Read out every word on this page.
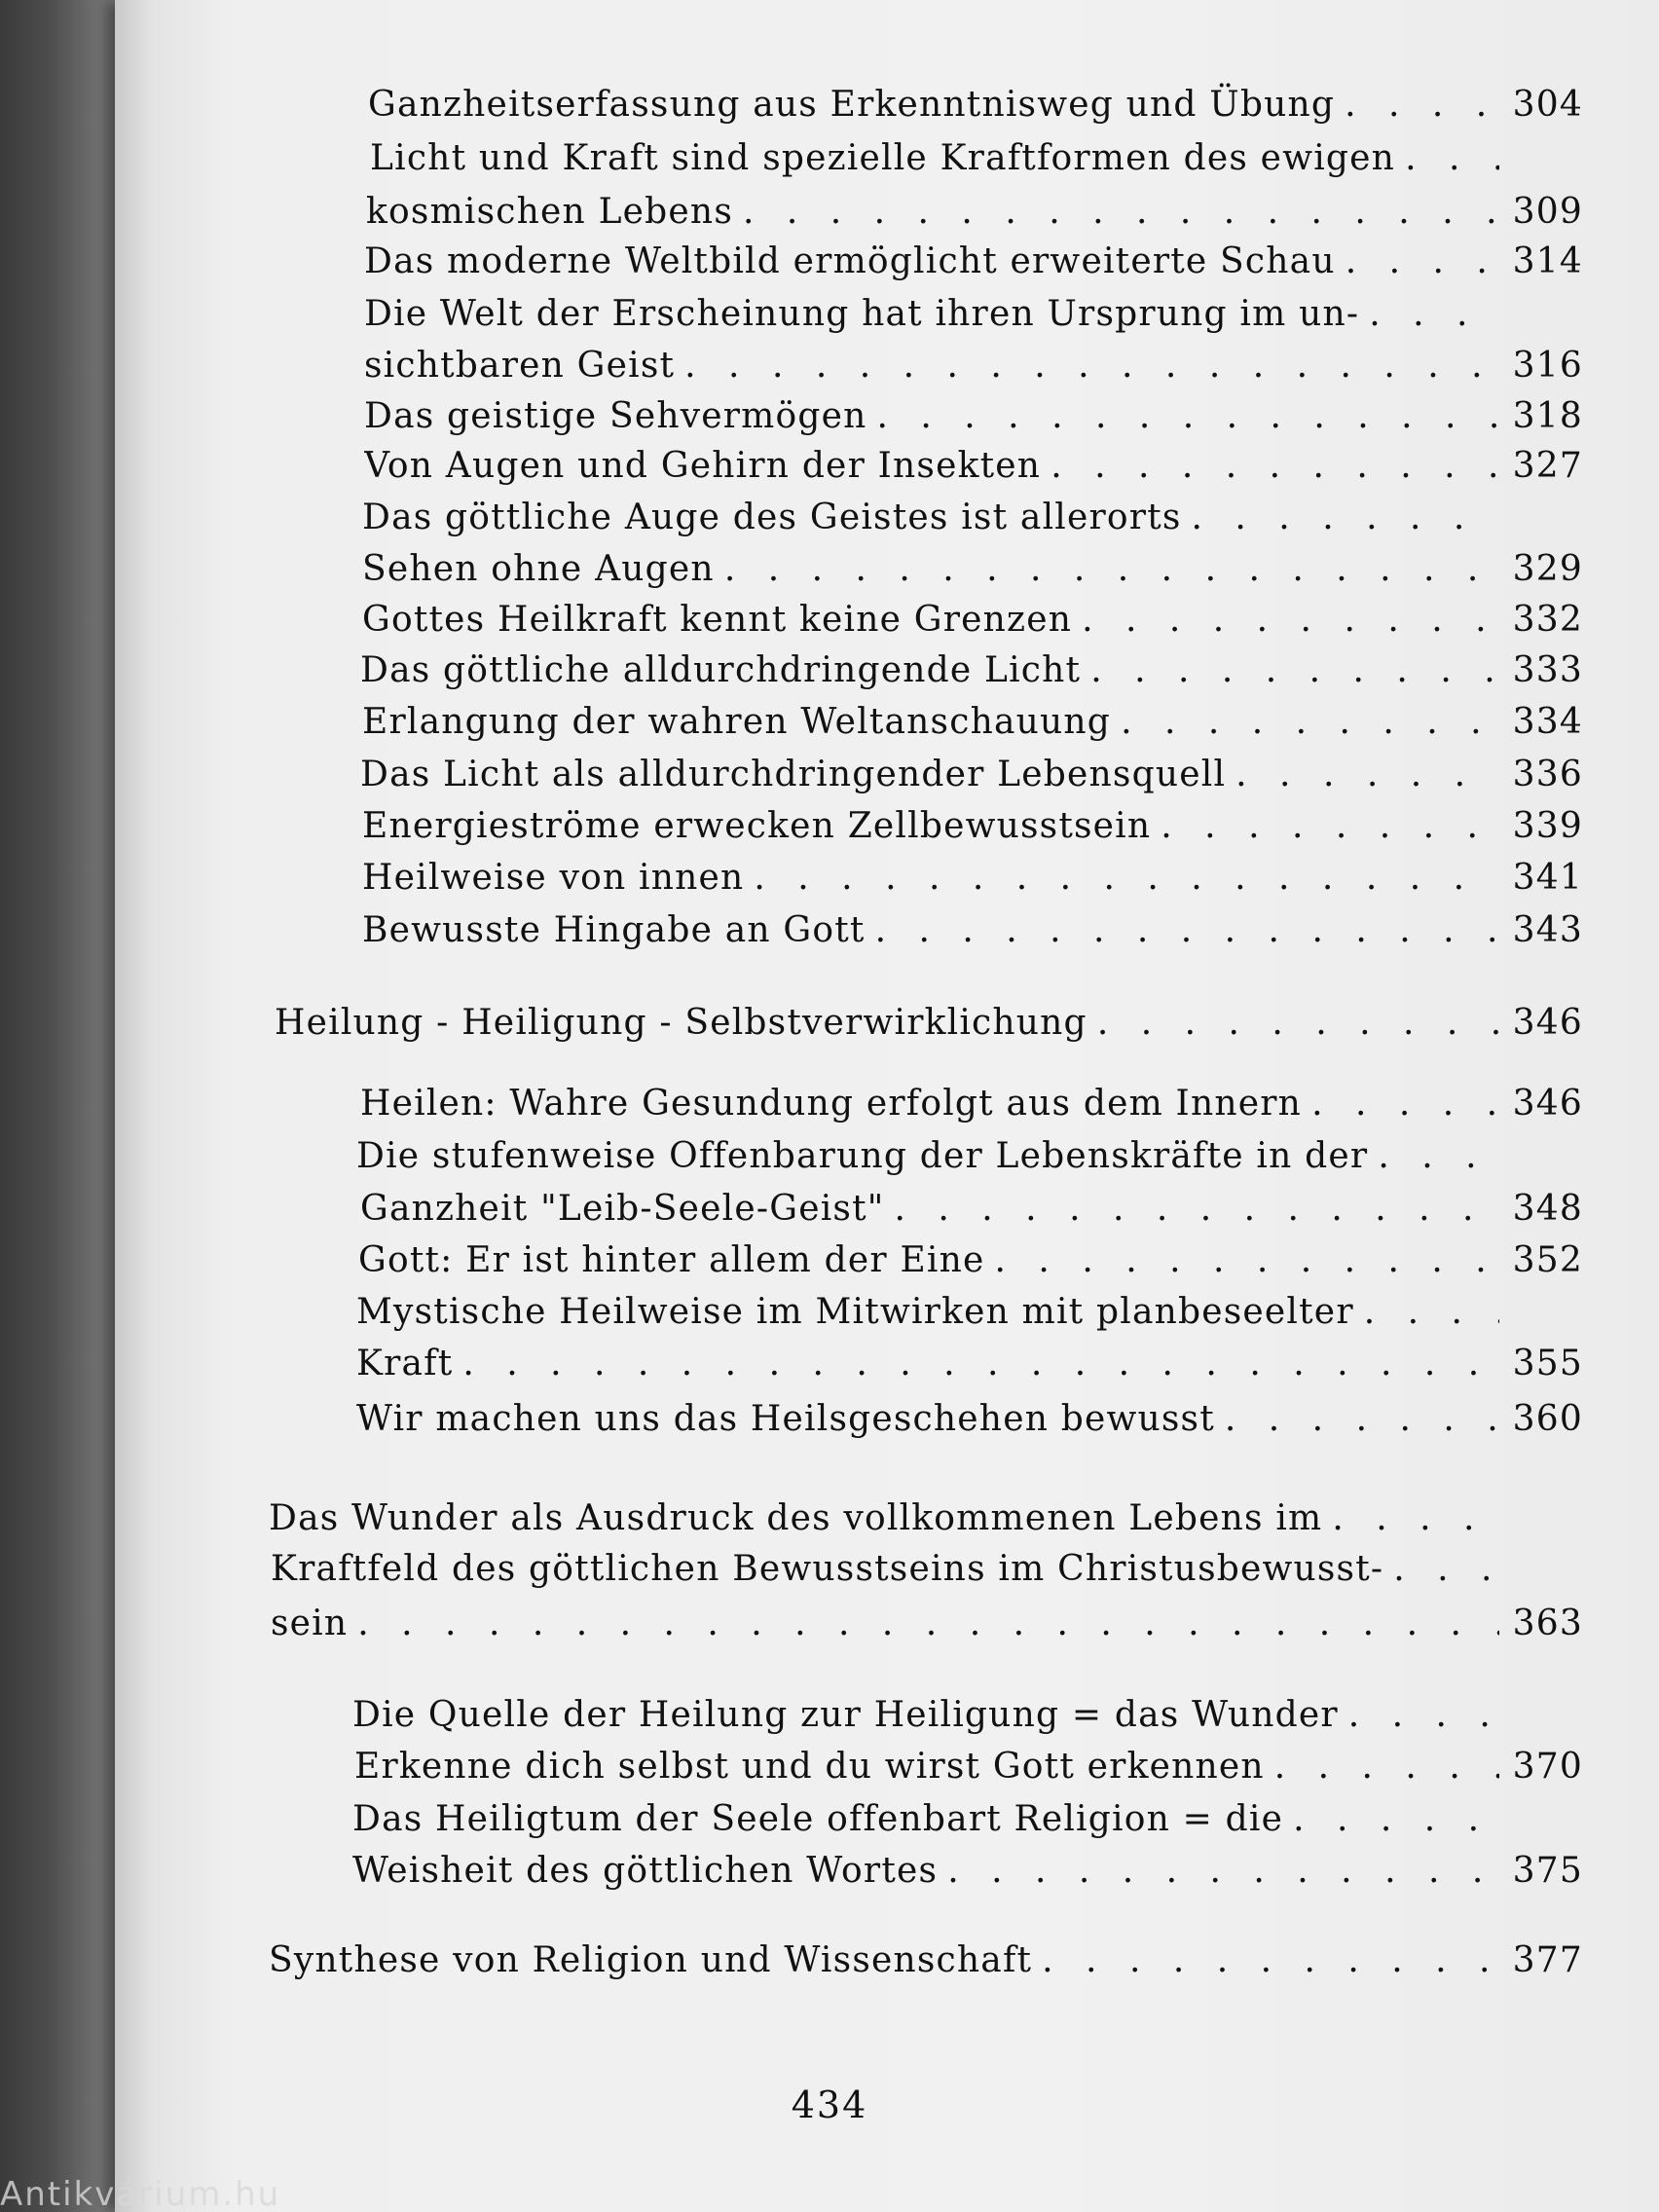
Ganzheitserfassung aus Erkenntnisweg und Übung . . .	304
Licht und Kraft sind spezielle Kraftformen des ewigen
. . .
kosmischen Lebens . . .	309
Das moderne Weltbild ermöglicht erweiterte Schau . . .	314
Die Welt der Erscheinung hat ihren Ursprung im un-
. . .
sichtbaren Geist . . .	316
Das geistige Sehvermögen . . .	318
Von Augen und Gehirn der Insekten . . .	327
Das göttliche Auge des Geistes ist allerorts
. . .
Sehen ohne Augen . . .	329
Gottes Heilkraft kennt keine Grenzen . . .	332
Das göttliche alldurchdringende Licht . . .	333
Erlangung der wahren Weltanschauung . . .	334
Das Licht als alldurchdringender Lebensquell . . .	336
Energieströme erwecken Zellbewusstsein . . .	339
Heilweise von innen . . .	341
Bewusste Hingabe an Gott . . .	343
Heilung - Heiligung - Selbstverwirklichung . . .	346
Heilen: Wahre Gesundung erfolgt aus dem Innern . . .	346
Die stufenweise Offenbarung der Lebenskräfte in der
. . .
Ganzheit "Leib-Seele-Geist" . . .	348
Gott: Er ist hinter allem der Eine . . .	352
Mystische Heilweise im Mitwirken mit planbeseelter
. . .
Kraft . . .	355
Wir machen uns das Heilsgeschehen bewusst . . .	360
Das Wunder als Ausdruck des vollkommenen Lebens im
. . .
Kraftfeld des göttlichen Bewusstseins im Christusbewusst-
. . .
sein . . .	363
Die Quelle der Heilung zur Heiligung = das Wunder
. . .
Erkenne dich selbst und du wirst Gott erkennen . . .	370
Das Heiligtum der Seele offenbart Religion = die
. . .
Weisheit des göttlichen Wortes . . .	375
Synthese von Religion und Wissenschaft . . .	377
434
Antikvárium.hu
